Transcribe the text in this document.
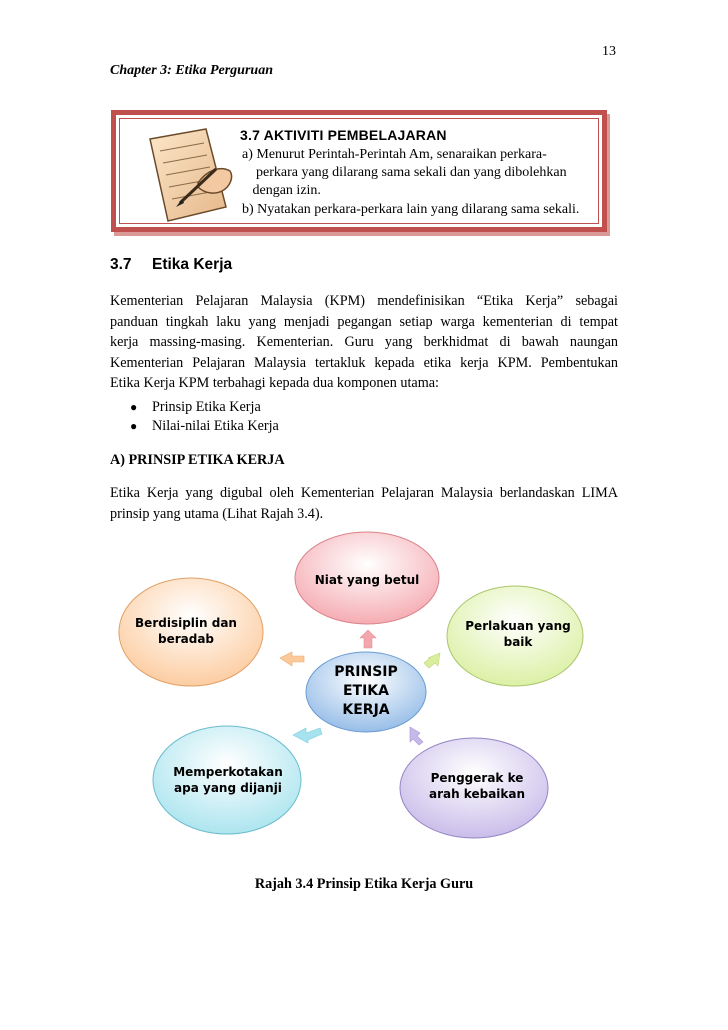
13
Chapter 3: Etika Perguruan
3.7 AKTIVITI PEMBELAJARAN
a) Menurut Perintah-Perintah Am, senaraikan perkara-
perkara yang dilarang sama sekali dan yang dibolehkan
dengan izin.
b) Nyatakan perkara-perkara lain yang dilarang sama sekali.
3.7 Etika Kerja
Kementerian Pelajaran Malaysia (KPM) mendefinisikan “Etika Kerja” sebagai
panduan tingkah laku yang menjadi pegangan setiap warga kementerian di tempat
kerja massing-masing. Kementerian. Guru yang berkhidmat di bawah naungan
Kementerian Pelajaran Malaysia tertakluk kepada etika kerja KPM. Pembentukan
Etika Kerja KPM terbahagi kepada dua komponen utama:
●	Prinsip Etika Kerja
●	Nilai-nilai Etika Kerja
A) PRINSIP ETIKA KERJA
Etika Kerja yang digubal oleh Kementerian Pelajaran Malaysia berlandaskan LIMA
prinsip yang utama (Lihat Rajah 3.4).
Niat yang betul
Perlakuan yang
baik
Penggerak ke
arah kebaikan
Memperkotakan
apa yang dijanji
Berdisiplin dan
beradab
PRINSIP
ETIKA
KERJA
Rajah 3.4 Prinsip Etika Kerja Guru
